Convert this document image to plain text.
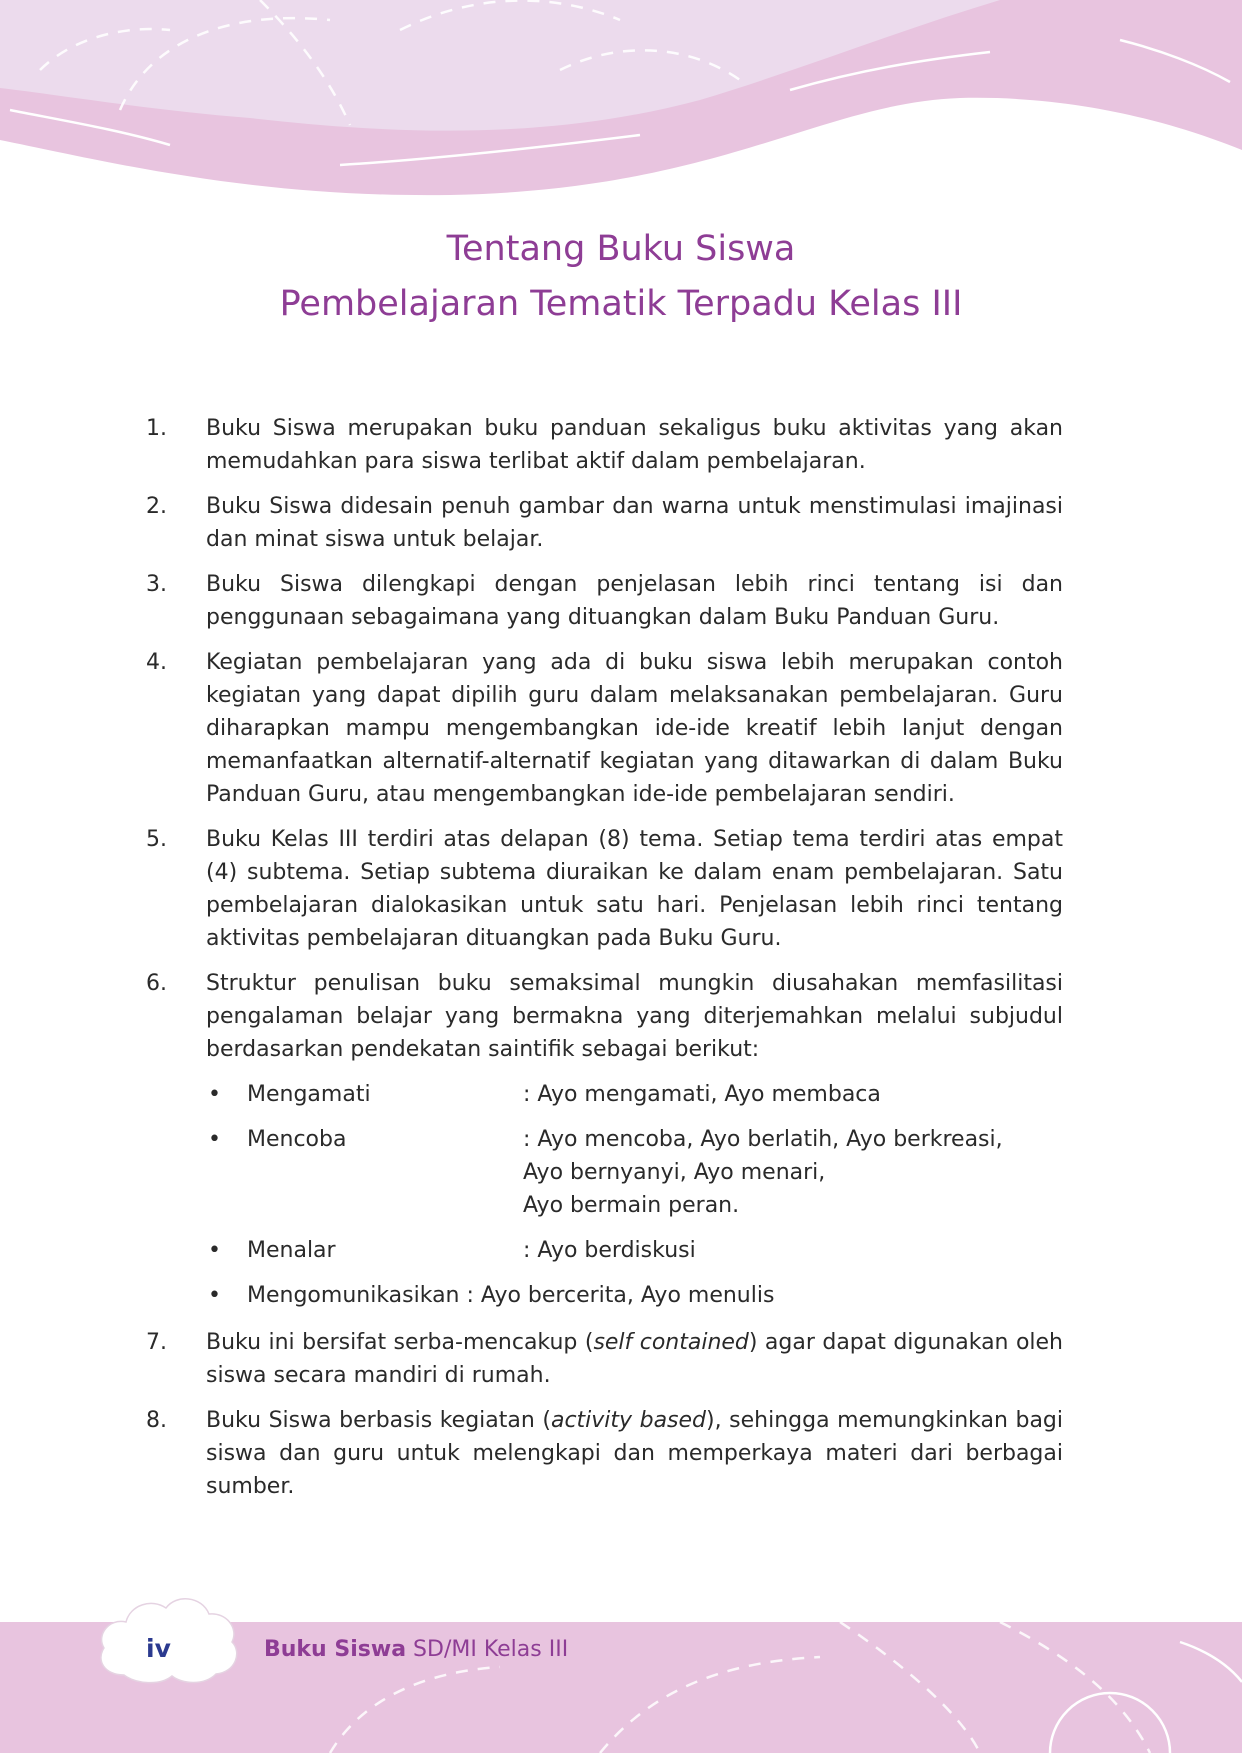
Tentang Buku Siswa
Pembelajaran Tematik Terpadu Kelas III
1. Buku Siswa merupakan buku panduan sekaligus buku aktivitas yang akan memudahkan para siswa terlibat aktif dalam pembelajaran.
2. Buku Siswa didesain penuh gambar dan warna untuk menstimulasi imajinasi dan minat siswa untuk belajar.
3. Buku Siswa dilengkapi dengan penjelasan lebih rinci tentang isi dan penggunaan sebagaimana yang dituangkan dalam Buku Panduan Guru.
4. Kegiatan pembelajaran yang ada di buku siswa lebih merupakan contoh kegiatan yang dapat dipilih guru dalam melaksanakan pembelajaran. Guru diharapkan mampu mengembangkan ide-ide kreatif lebih lanjut dengan memanfaatkan alternatif-alternatif kegiatan yang ditawarkan di dalam Buku Panduan Guru, atau mengembangkan ide-ide pembelajaran sendiri.
5. Buku Kelas III terdiri atas delapan (8) tema. Setiap tema terdiri atas empat (4) subtema. Setiap subtema diuraikan ke dalam enam pembelajaran. Satu pembelajaran dialokasikan untuk satu hari. Penjelasan lebih rinci tentang aktivitas pembelajaran dituangkan pada Buku Guru.
6. Struktur penulisan buku semaksimal mungkin diusahakan memfasilitasi pengalaman belajar yang bermakna yang diterjemahkan melalui subjudul berdasarkan pendekatan saintifik sebagai berikut:
• Mengamati	: Ayo mengamati, Ayo membaca
• Mencoba	: Ayo mencoba, Ayo berlatih, Ayo berkreasi,
Ayo bernyanyi, Ayo menari,
Ayo bermain peran.
• Menalar	: Ayo berdiskusi
• Mengomunikasikan : Ayo bercerita, Ayo menulis
7. Buku ini bersifat serba-mencakup (self contained) agar dapat digunakan oleh siswa secara mandiri di rumah.
8. Buku Siswa berbasis kegiatan (activity based), sehingga memungkinkan bagi siswa dan guru untuk melengkapi dan memperkaya materi dari berbagai sumber.
iv	Buku Siswa SD/MI Kelas III
